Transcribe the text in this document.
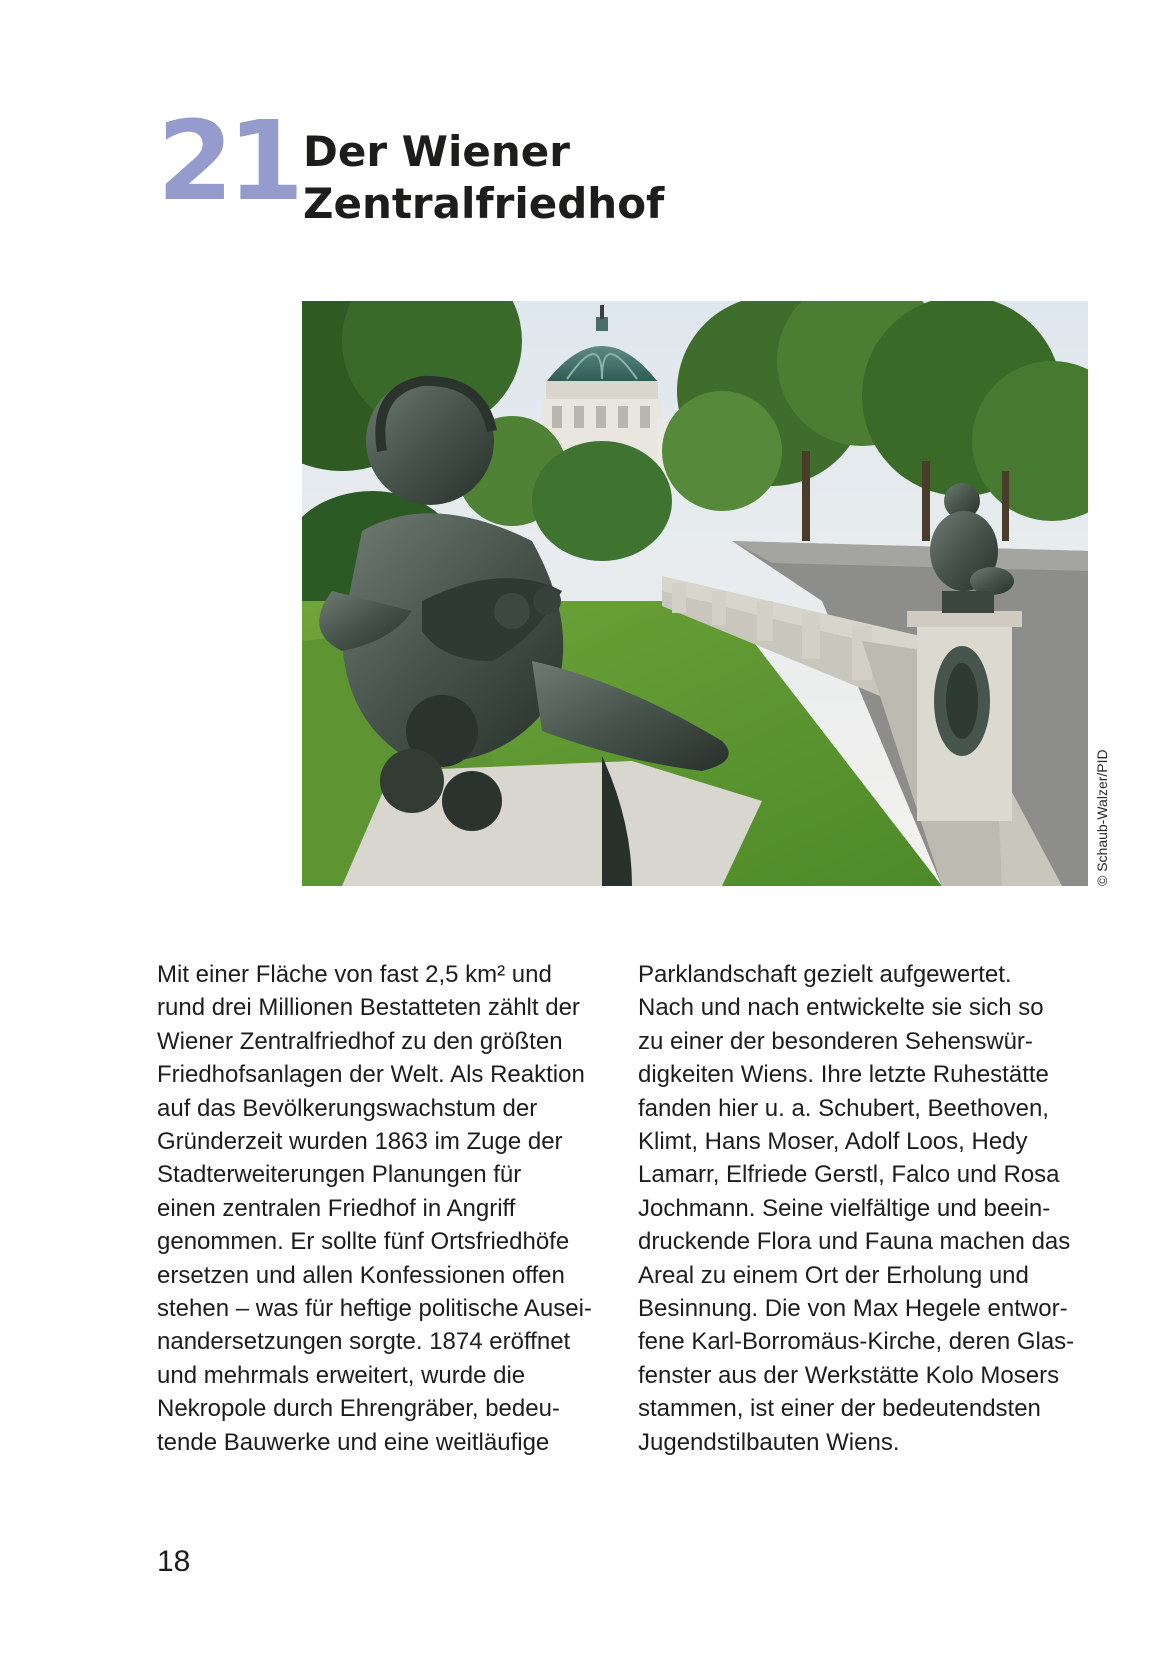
21 Der Wiener
Zentralfriedhof
© Schaub-Walzer/PID
Mit einer Fläche von fast 2,5 km² und
rund drei Millionen Bestatteten zählt der
Wiener Zentralfriedhof zu den größten
Friedhofsanlagen der Welt. Als Reaktion
auf das Bevölkerungswachstum der
Gründerzeit wurden 1863 im Zuge der
Stadterweiterungen Planungen für
einen zentralen Friedhof in Angriff
genommen. Er sollte fünf Ortsfriedhöfe
ersetzen und allen Konfessionen offen
stehen – was für heftige politische Ausei-
nandersetzungen sorgte. 1874 eröffnet
und mehrmals erweitert, wurde die
Nekropole durch Ehrengräber, bedeu-
tende Bauwerke und eine weitläufige
Parklandschaft gezielt aufgewertet.
Nach und nach entwickelte sie sich so
zu einer der besonderen Sehenswür-
digkeiten Wiens. Ihre letzte Ruhestätte
fanden hier u. a. Schubert, Beethoven,
Klimt, Hans Moser, Adolf Loos, Hedy
Lamarr, Elfriede Gerstl, Falco und Rosa
Jochmann. Seine vielfältige und beein-
druckende Flora und Fauna machen das
Areal zu einem Ort der Erholung und
Besinnung. Die von Max Hegele entwor-
fene Karl-Borromäus-Kirche, deren Glas-
fenster aus der Werkstätte Kolo Mosers
stammen, ist einer der bedeutendsten
Jugendstilbauten Wiens.
18
